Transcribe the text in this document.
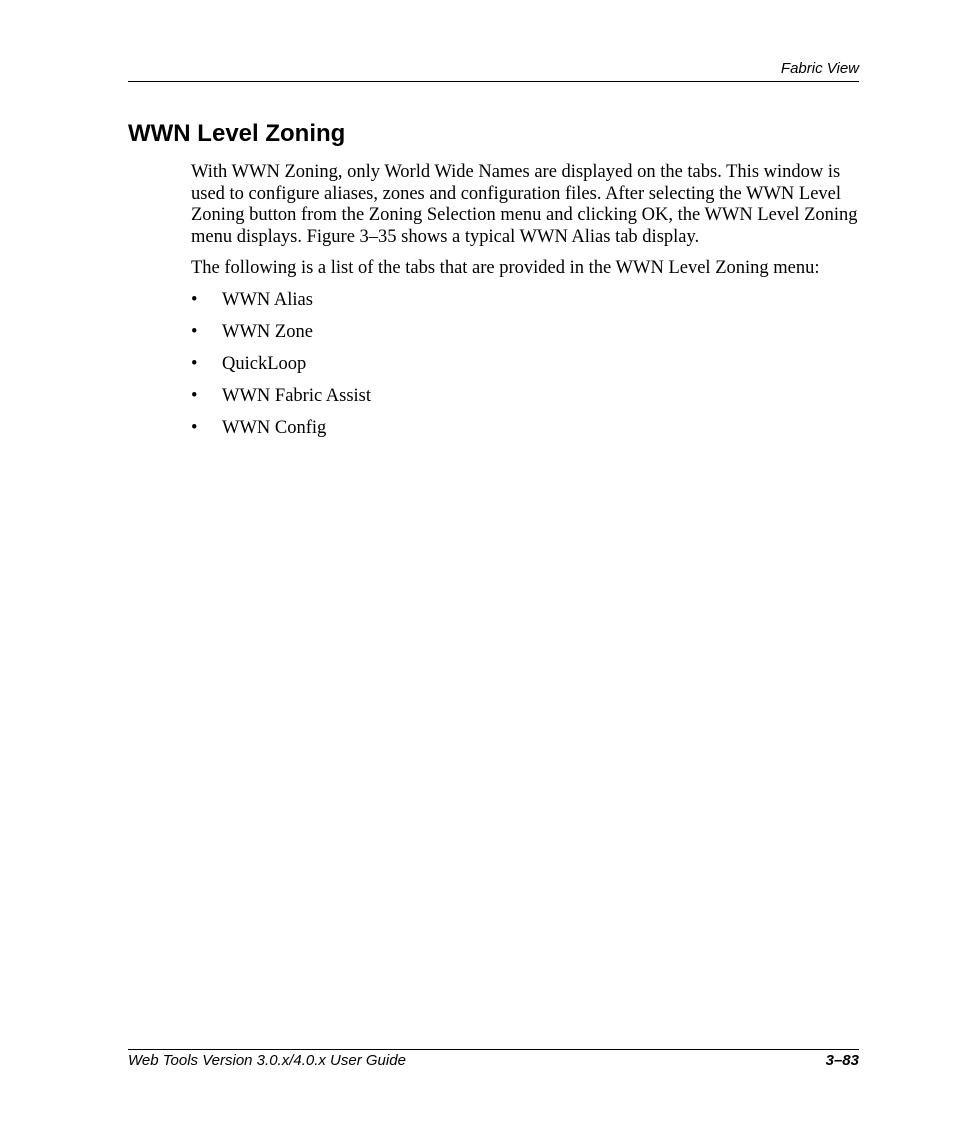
Fabric View
WWN Level Zoning

With WWN Zoning, only World Wide Names are displayed on the tabs. This window is used to configure aliases, zones and configuration files. After selecting the WWN Level Zoning button from the Zoning Selection menu and clicking OK, the WWN Level Zoning menu displays. Figure 3–35 shows a typical WWN Alias tab display.

The following is a list of the tabs that are provided in the WWN Level Zoning menu:

• WWN Alias
• WWN Zone
• QuickLoop
• WWN Fabric Assist
• WWN Config
Web Tools Version 3.0.x/4.0.x User Guide	3–83
